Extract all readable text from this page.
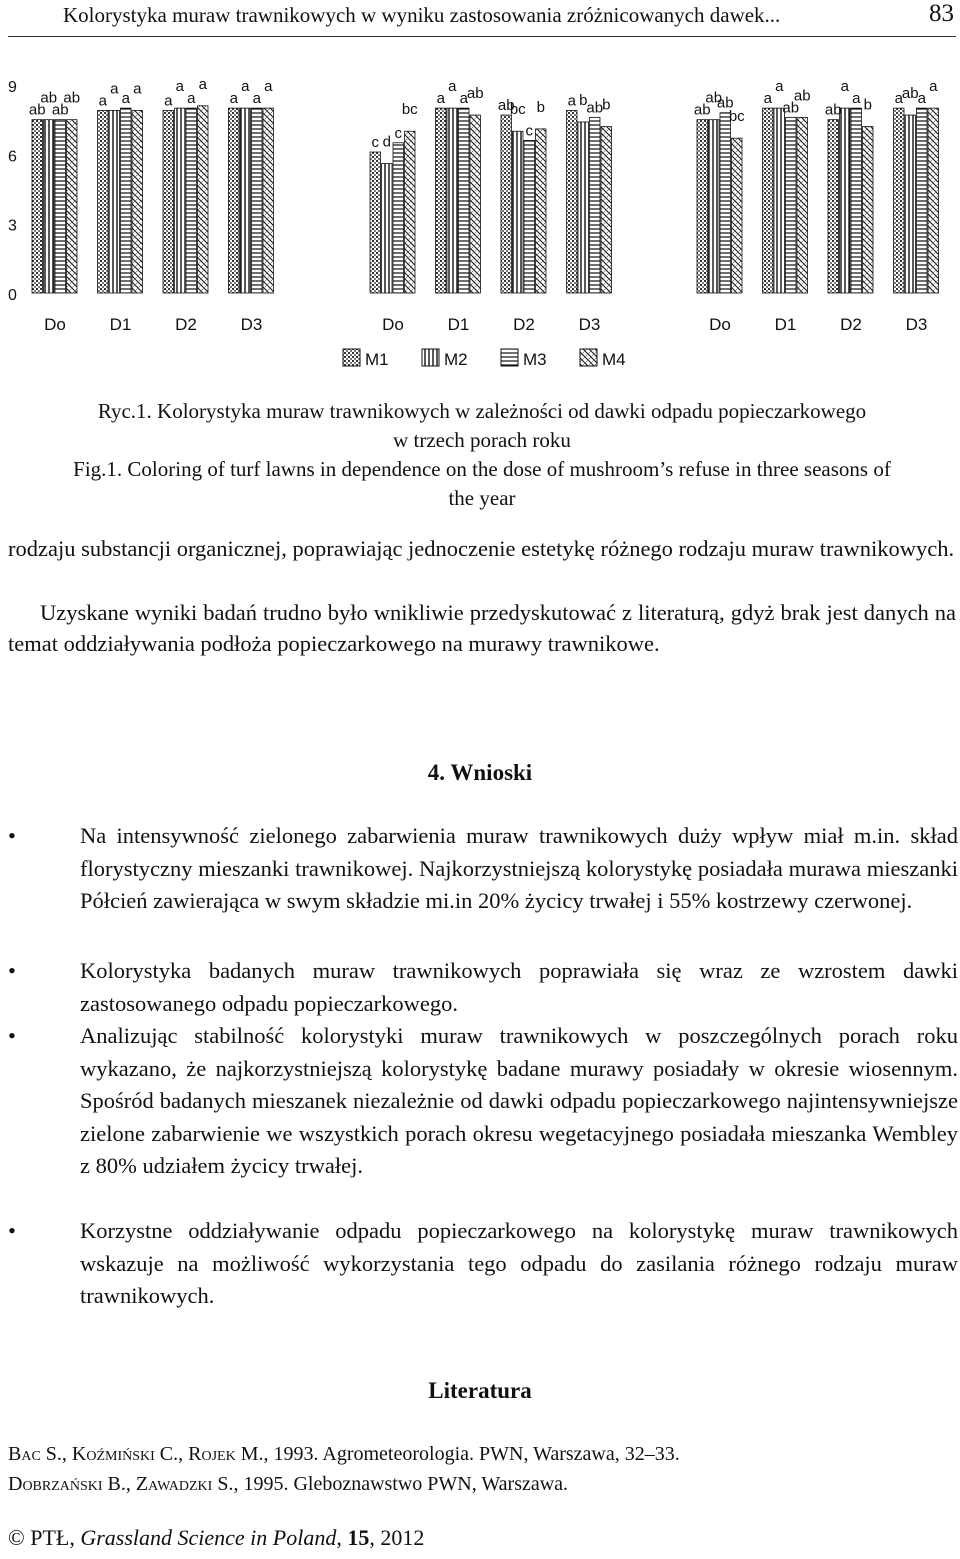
Kolorystyka muraw trawnikowych w wyniku zastosowania zróżnicowanych dawek...	83
9
6
3
0
ab
ab
ab
ab a
a
a
a
a
a
a
a
a
a
a
a
c d
c
bc
a
a
a
ab
ab
bc
c
b a b
ab
b	ab
ab
ab
bc
a
a
ab
ab
ab
a
a b a
ab
a
a
Do	D1	D2	D3	Do	D1	D2	D3	Do	D1	D2	D3
M1	M2	M3	M4
Ryc.1. Kolorystyka muraw trawnikowych w zależności od dawki odpadu popieczarkowego
w trzech porach roku
Fig.1. Coloring of turf lawns in dependence on the dose of mushroom’s refuse in three seasons of
the year
rodzaju substancji organicznej, poprawiając jednoczenie estetykę różnego rodzaju muraw trawnikowych.
Uzyskane wyniki badań trudno było wnikliwie przedyskutować z literaturą, gdyż brak jest danych na temat oddziaływania podłoża popieczarkowego na murawy trawnikowe.
4. Wnioski
•	Na intensywność zielonego zabarwienia muraw trawnikowych duży wpływ miał m.in. skład florystyczny mieszanki trawnikowej. Najkorzystniejszą kolorystykę posiadała murawa mieszanki Półcień zawierająca w swym składzie mi.in 20% życicy trwałej i 55% kostrzewy czerwonej.
•	Kolorystyka badanych muraw trawnikowych poprawiała się wraz ze wzrostem dawki zastosowanego odpadu popieczarkowego.
•	Analizując stabilność kolorystyki muraw trawnikowych w poszczególnych porach roku wykazano, że najkorzystniejszą kolorystykę badane murawy posiadały w okresie wiosennym. Spośród badanych mieszanek niezależnie od dawki odpadu popieczarkowego najintensywniejsze zielone zabarwienie we wszystkich porach okresu wegetacyjnego posiadała mieszanka Wembley z 80% udziałem życicy trwałej.
•	Korzystne oddziaływanie odpadu popieczarkowego na kolorystykę muraw trawnikowych wskazuje na możliwość wykorzystania tego odpadu do zasilania różnego rodzaju muraw trawnikowych.
Literatura
Bac S., Koźmiński C., Rojek M., 1993. Agrometeorologia. PWN, Warszawa, 32–33.
Dobrzański B., Zawadzki S., 1995. Gleboznawstwo PWN, Warszawa.
© PTŁ, Grassland Science in Poland, 15, 2012
